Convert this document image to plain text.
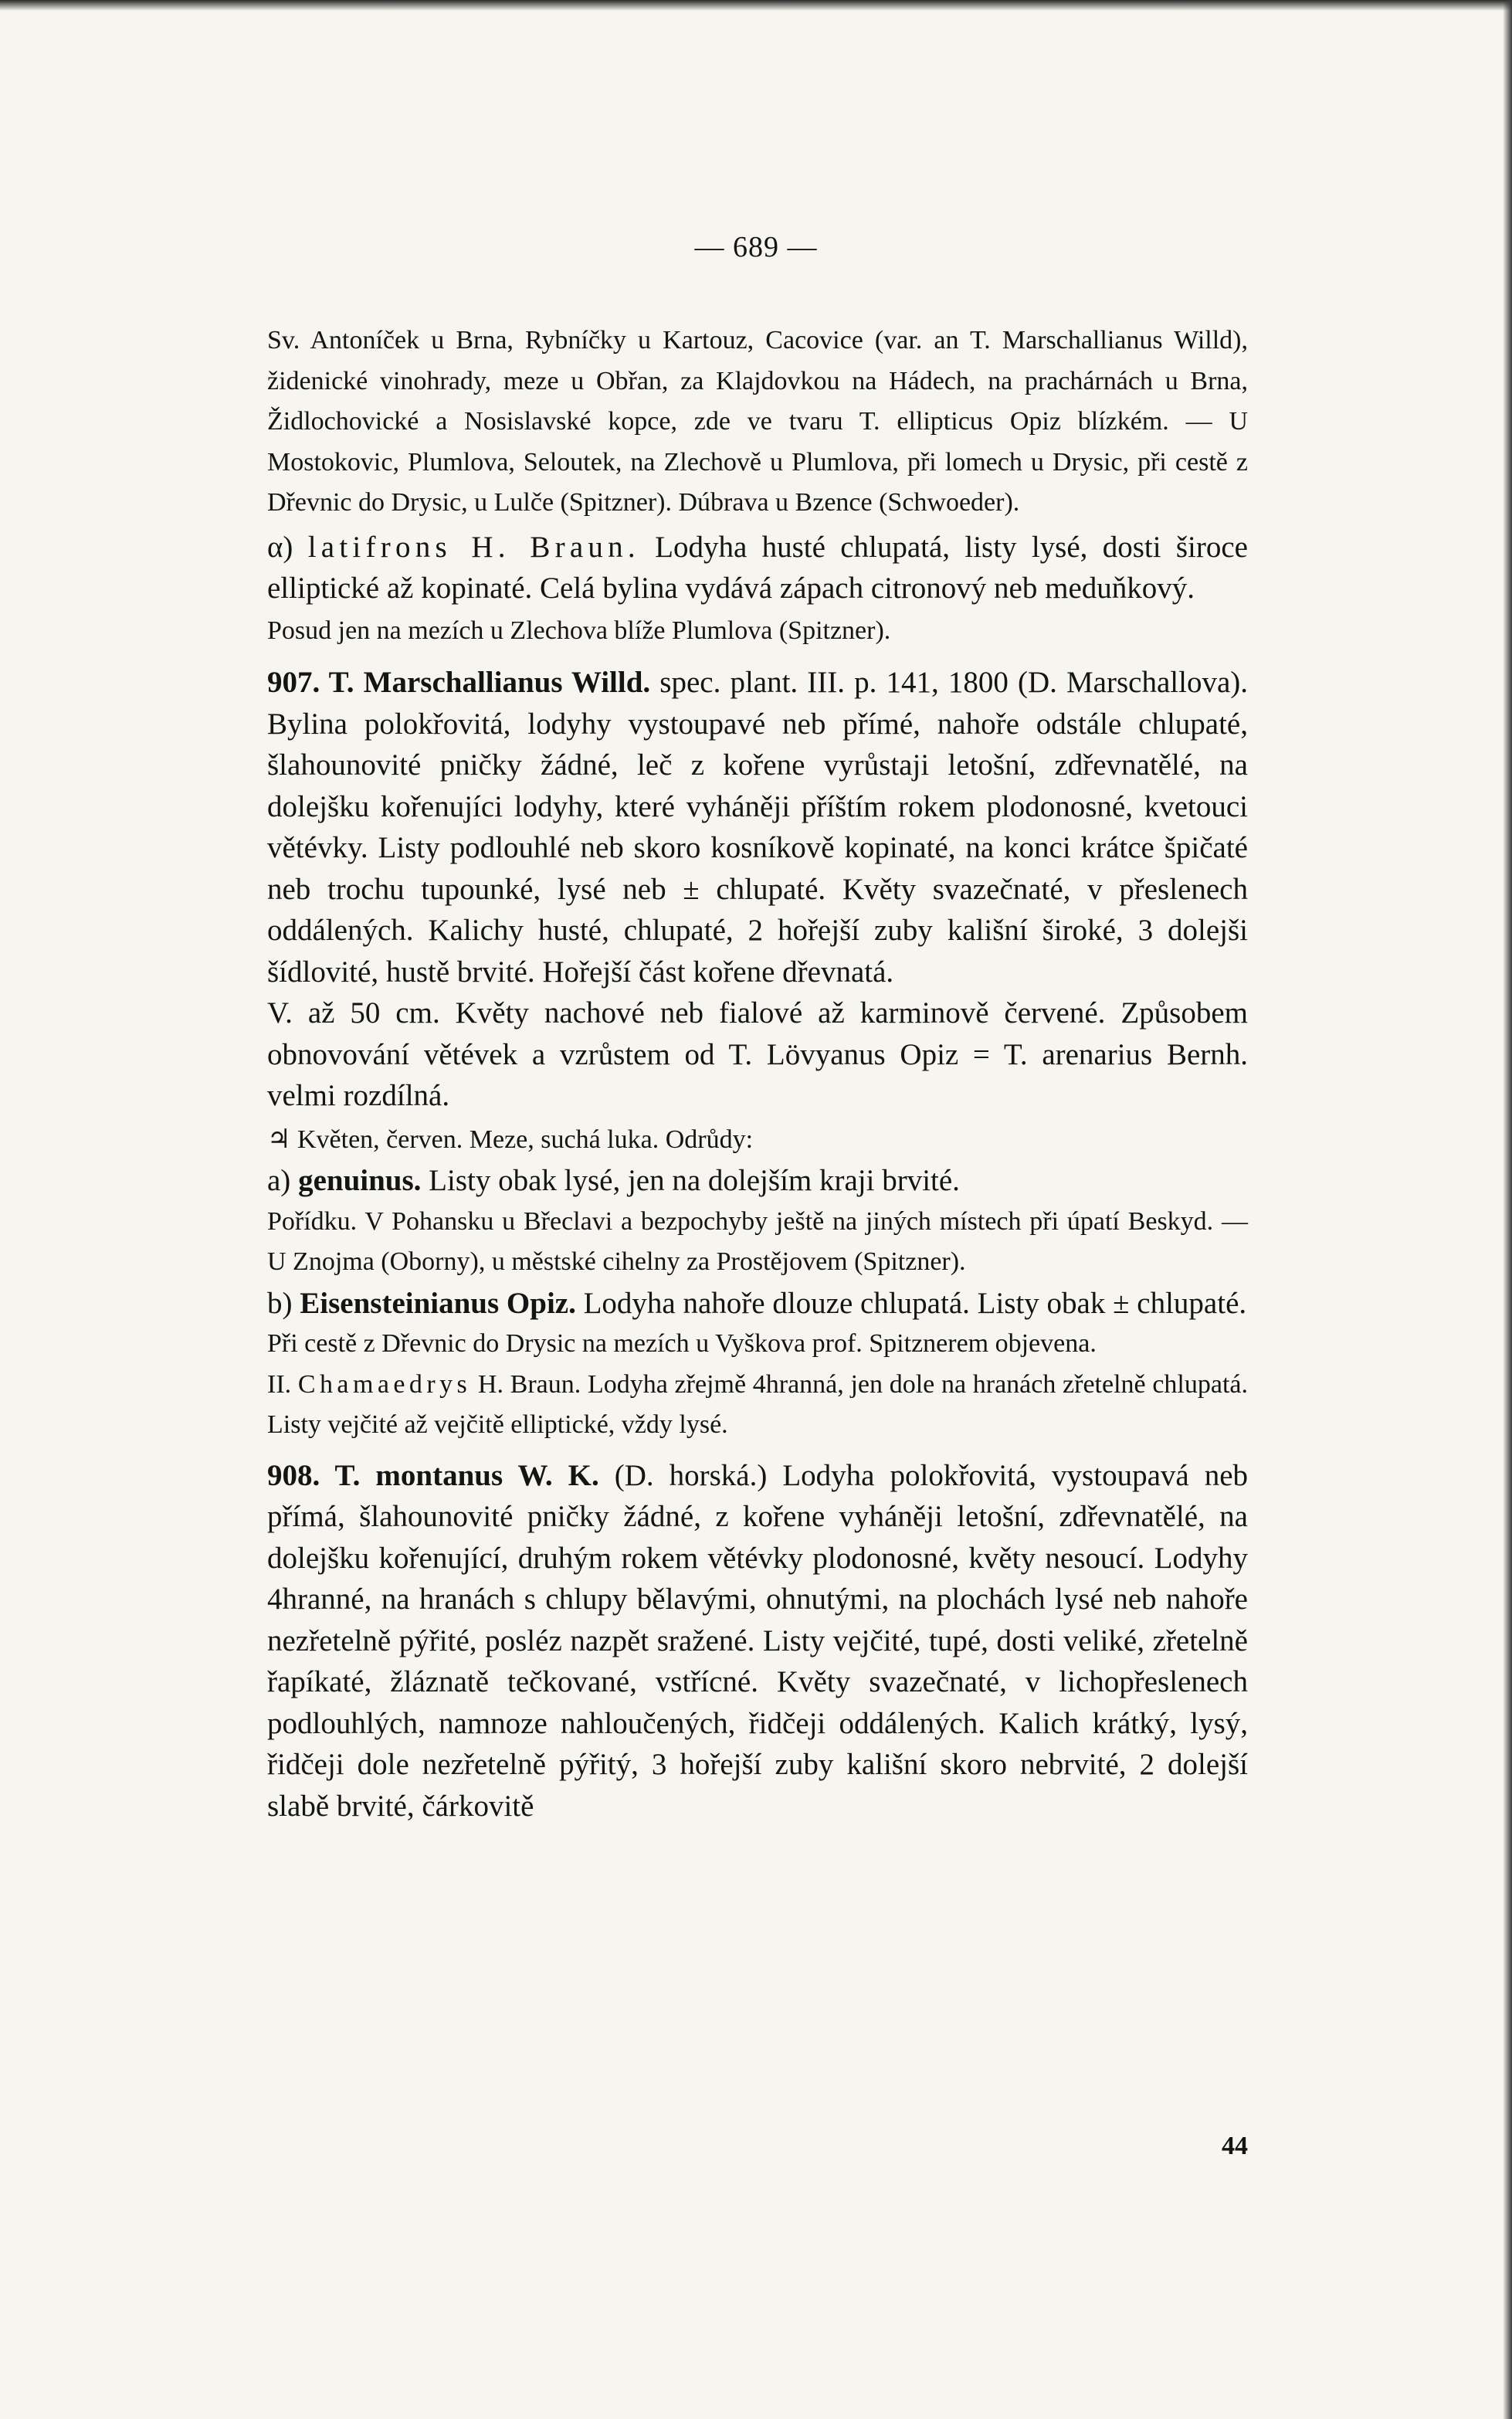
— 689 —

Sv. Antoníček u Brna, Rybníčky u Kartouz, Cacovice (var. an T. Marschallianus Willd), židenické vinohrady, meze u Obřan, za Klajdovkou na Hádech, na prachárnách u Brna, Židlochovické a Nosislavské kopce, zde ve tvaru T. ellipticus Opiz blízkém. — U Mostokovic, Plumlova, Seloutek, na Zlechově u Plumlova, při lomech u Drysic, při cestě z Dřevnic do Drysic, u Lulče (Spitzner). Dúbrava u Bzence (Schwoeder).

α) latifrons H. Braun. Lodyha husté chlupatá, listy lysé, dosti široce elliptické až kopinaté. Celá bylina vydává zápach citronový neb meduňkový.

Posud jen na mezích u Zlechova blíže Plumlova (Spitzner).

907. T. Marschallianus Willd. spec. plant. III. p. 141, 1800 (D. Marschallova). Bylina polokřovitá, lodyhy vystoupavé neb přímé, nahoře odstále chlupaté, šlahounovité pničky žádné, leč z kořene vyrůstaji letošní, zdřevnatělé, na dolejšku kořenujíci lodyhy, které vyháněji příštím rokem plodonosné, kvetouci větévky. Listy podlouhlé neb skoro kosníkově kopinaté, na konci krátce špičaté neb trochu tupounké, lysé neb ± chlupaté. Květy svazečnaté, v přeslenech oddálených. Kalichy husté, chlupaté, 2 hořejší zuby kališní široké, 3 dolejši šídlovité, hustě brvité. Hořejší část kořene dřevnatá.

V. až 50 cm. Květy nachové neb fialové až karminově červené. Způsobem obnovování větévek a vzrůstem od T. Lövyanus Opiz = T. arenarius Bernh. velmi rozdílná.

♃ Květen, červen. Meze, suchá luka. Odrůdy:

a) genuinus. Listy obak lysé, jen na dolejším kraji brvité.

Pořídku. V Pohansku u Břeclavi a bezpochyby ještě na jiných místech při úpatí Beskyd. — U Znojma (Oborny), u městské cihelny za Prostějovem (Spitzner).

b) Eisensteinianus Opiz. Lodyha nahoře dlouze chlupatá. Listy obak ± chlupaté.

Při cestě z Dřevnic do Drysic na mezích u Vyškova prof. Spitznerem objevena.

II. Chamaedrys H. Braun. Lodyha zřejmě 4hranná, jen dole na hranách zřetelně chlupatá. Listy vejčité až vejčitě elliptické, vždy lysé.

908. T. montanus W. K. (D. horská.) Lodyha polokřovitá, vystoupavá neb přímá, šlahounovité pničky žádné, z kořene vyháněji letošní, zdřevnatělé, na dolejšku kořenující, druhým rokem větévky plodonosné, květy nesoucí. Lodyhy 4hranné, na hranách s chlupy bělavými, ohnutými, na plochách lysé neb nahoře nezřetelně pýřité, posléz nazpět sražené. Listy vejčité, tupé, dosti veliké, zřetelně řapíkaté, žláznatě tečkované, vstřícné. Květy svazečnaté, v lichopřeslenech podlouhlých, namnoze nahloučených, řidčeji oddálených. Kalich krátký, lysý, řidčeji dole nezřetelně pýřitý, 3 hořejší zuby kališní skoro nebrvité, 2 dolejší slabě brvité, čárkovitě

44
